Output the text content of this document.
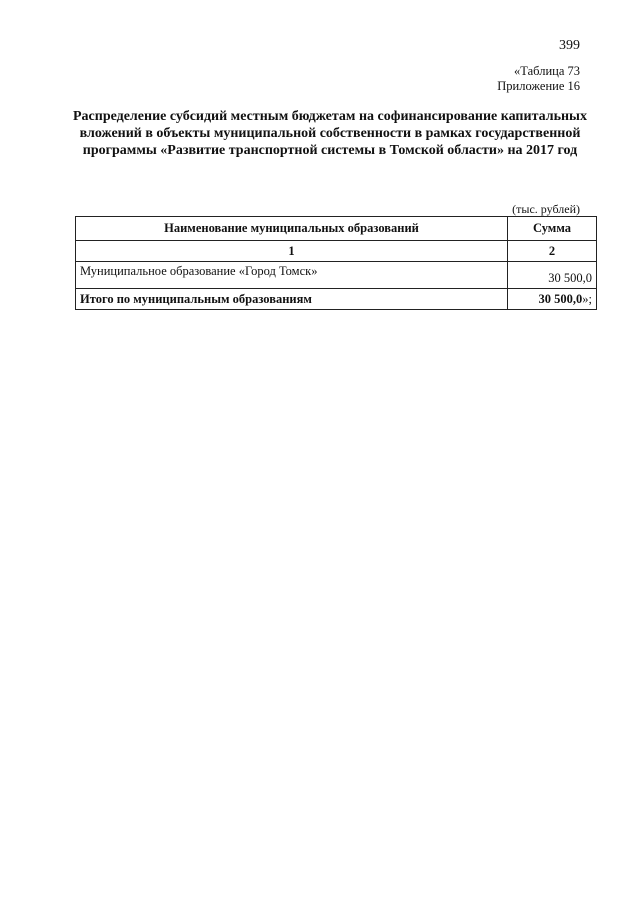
399
«Таблица 73
Приложение 16
Распределение субсидий местным бюджетам на софинансирование капитальных вложений в объекты муниципальной собственности в рамках государственной программы «Развитие транспортной системы в Томской области» на 2017 год
(тыс. рублей)
Наименование муниципальных образований	Сумма
1	2
Муниципальное образование «Город Томск»	30 500,0
Итого по муниципальным образованиям	30 500,0»;
